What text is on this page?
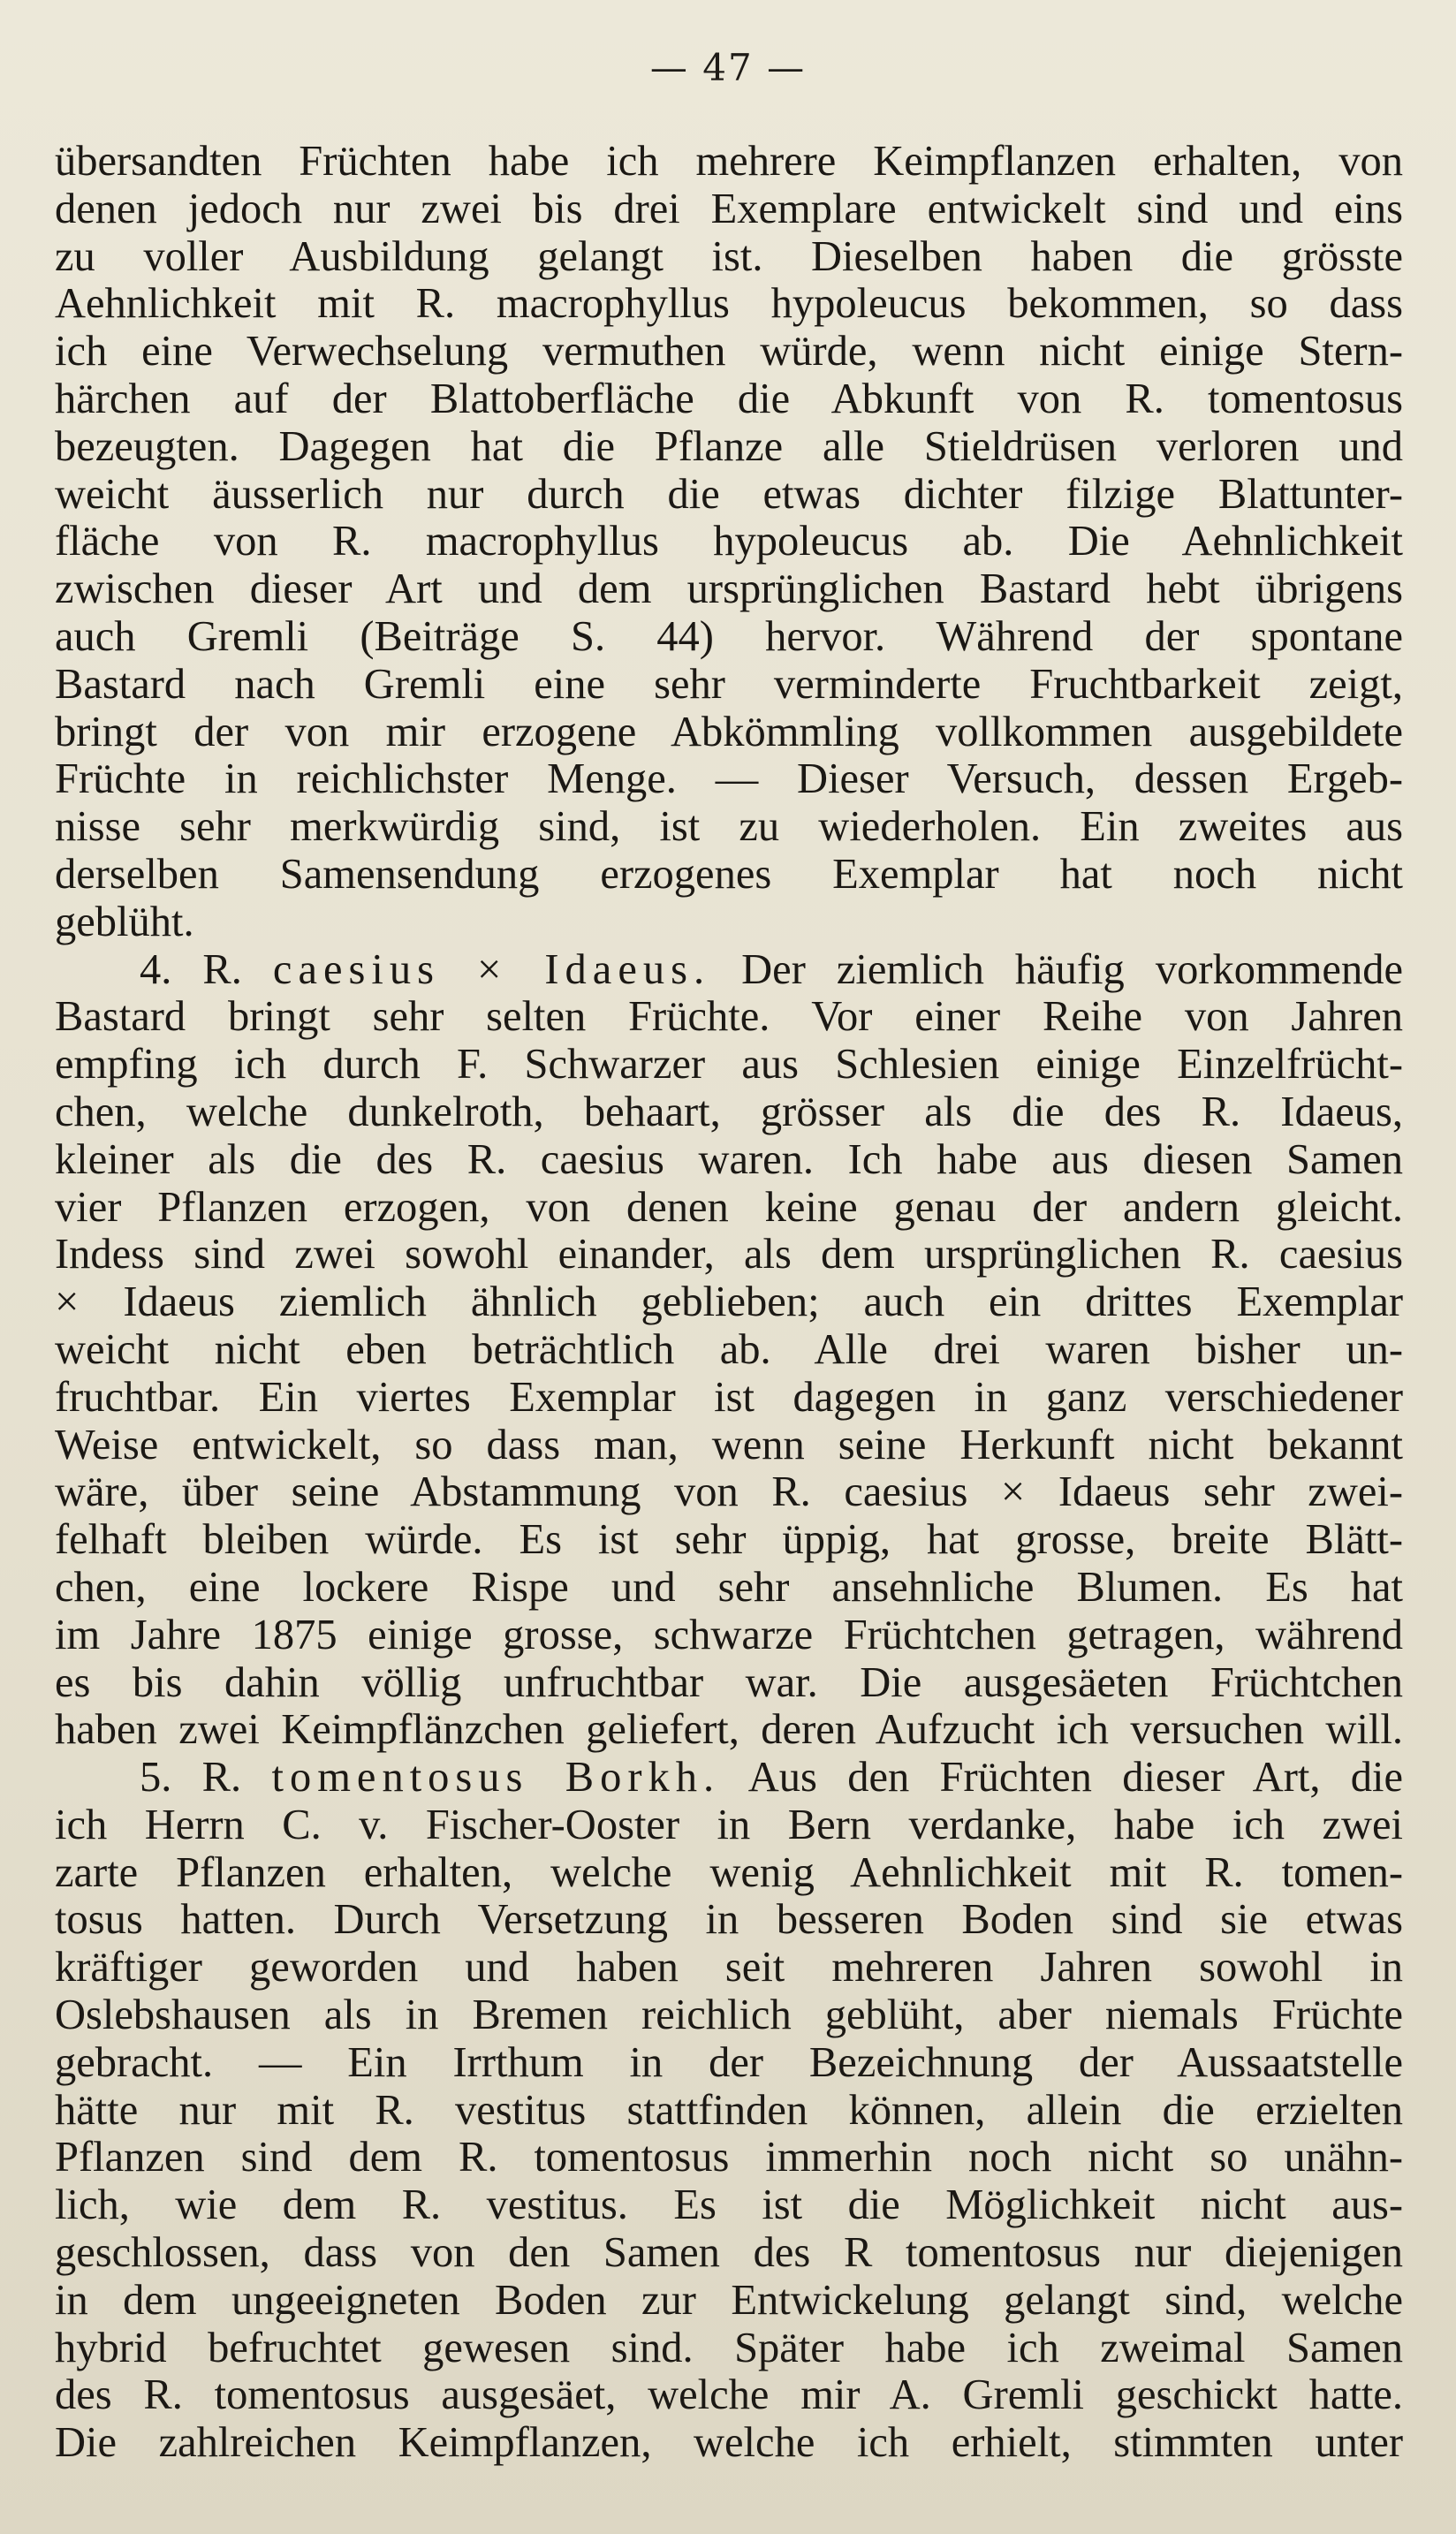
— 47 —
übersandten Früchten habe ich mehrere Keimpflanzen erhalten, von
denen jedoch nur zwei bis drei Exemplare entwickelt sind und eins
zu voller Ausbildung gelangt ist. Dieselben haben die grösste
Aehnlichkeit mit R. macrophyllus hypoleucus bekommen, so dass
ich eine Verwechselung vermuthen würde, wenn nicht einige Stern-
härchen auf der Blattoberfläche die Abkunft von R. tomentosus
bezeugten. Dagegen hat die Pflanze alle Stieldrüsen verloren und
weicht äusserlich nur durch die etwas dichter filzige Blattunter-
fläche von R. macrophyllus hypoleucus ab. Die Aehnlichkeit
zwischen dieser Art und dem ursprünglichen Bastard hebt übrigens
auch Gremli (Beiträge S. 44) hervor. Während der spontane
Bastard nach Gremli eine sehr verminderte Fruchtbarkeit zeigt,
bringt der von mir erzogene Abkömmling vollkommen ausgebildete
Früchte in reichlichster Menge. — Dieser Versuch, dessen Ergeb-
nisse sehr merkwürdig sind, ist zu wiederholen. Ein zweites aus
derselben Samensendung erzogenes Exemplar hat noch nicht
geblüht.
4. R. caesius × Idaeus. Der ziemlich häufig vorkommende
Bastard bringt sehr selten Früchte. Vor einer Reihe von Jahren
empfing ich durch F. Schwarzer aus Schlesien einige Einzelfrücht-
chen, welche dunkelroth, behaart, grösser als die des R. Idaeus,
kleiner als die des R. caesius waren. Ich habe aus diesen Samen
vier Pflanzen erzogen, von denen keine genau der andern gleicht.
Indess sind zwei sowohl einander, als dem ursprünglichen R. caesius
× Idaeus ziemlich ähnlich geblieben; auch ein drittes Exemplar
weicht nicht eben beträchtlich ab. Alle drei waren bisher un-
fruchtbar. Ein viertes Exemplar ist dagegen in ganz verschiedener
Weise entwickelt, so dass man, wenn seine Herkunft nicht bekannt
wäre, über seine Abstammung von R. caesius × Idaeus sehr zwei-
felhaft bleiben würde. Es ist sehr üppig, hat grosse, breite Blätt-
chen, eine lockere Rispe und sehr ansehnliche Blumen. Es hat
im Jahre 1875 einige grosse, schwarze Früchtchen getragen, während
es bis dahin völlig unfruchtbar war. Die ausgesäeten Früchtchen
haben zwei Keimpflänzchen geliefert, deren Aufzucht ich versuchen will.
5. R. tomentosus Borkh. Aus den Früchten dieser Art, die
ich Herrn C. v. Fischer-Ooster in Bern verdanke, habe ich zwei
zarte Pflanzen erhalten, welche wenig Aehnlichkeit mit R. tomen-
tosus hatten. Durch Versetzung in besseren Boden sind sie etwas
kräftiger geworden und haben seit mehreren Jahren sowohl in
Oslebshausen als in Bremen reichlich geblüht, aber niemals Früchte
gebracht. — Ein Irrthum in der Bezeichnung der Aussaatstelle
hätte nur mit R. vestitus stattfinden können, allein die erzielten
Pflanzen sind dem R. tomentosus immerhin noch nicht so unähn-
lich, wie dem R. vestitus. Es ist die Möglichkeit nicht aus-
geschlossen, dass von den Samen des R tomentosus nur diejenigen
in dem ungeeigneten Boden zur Entwickelung gelangt sind, welche
hybrid befruchtet gewesen sind. Später habe ich zweimal Samen
des R. tomentosus ausgesäet, welche mir A. Gremli geschickt hatte.
Die zahlreichen Keimpflanzen, welche ich erhielt, stimmten unter
